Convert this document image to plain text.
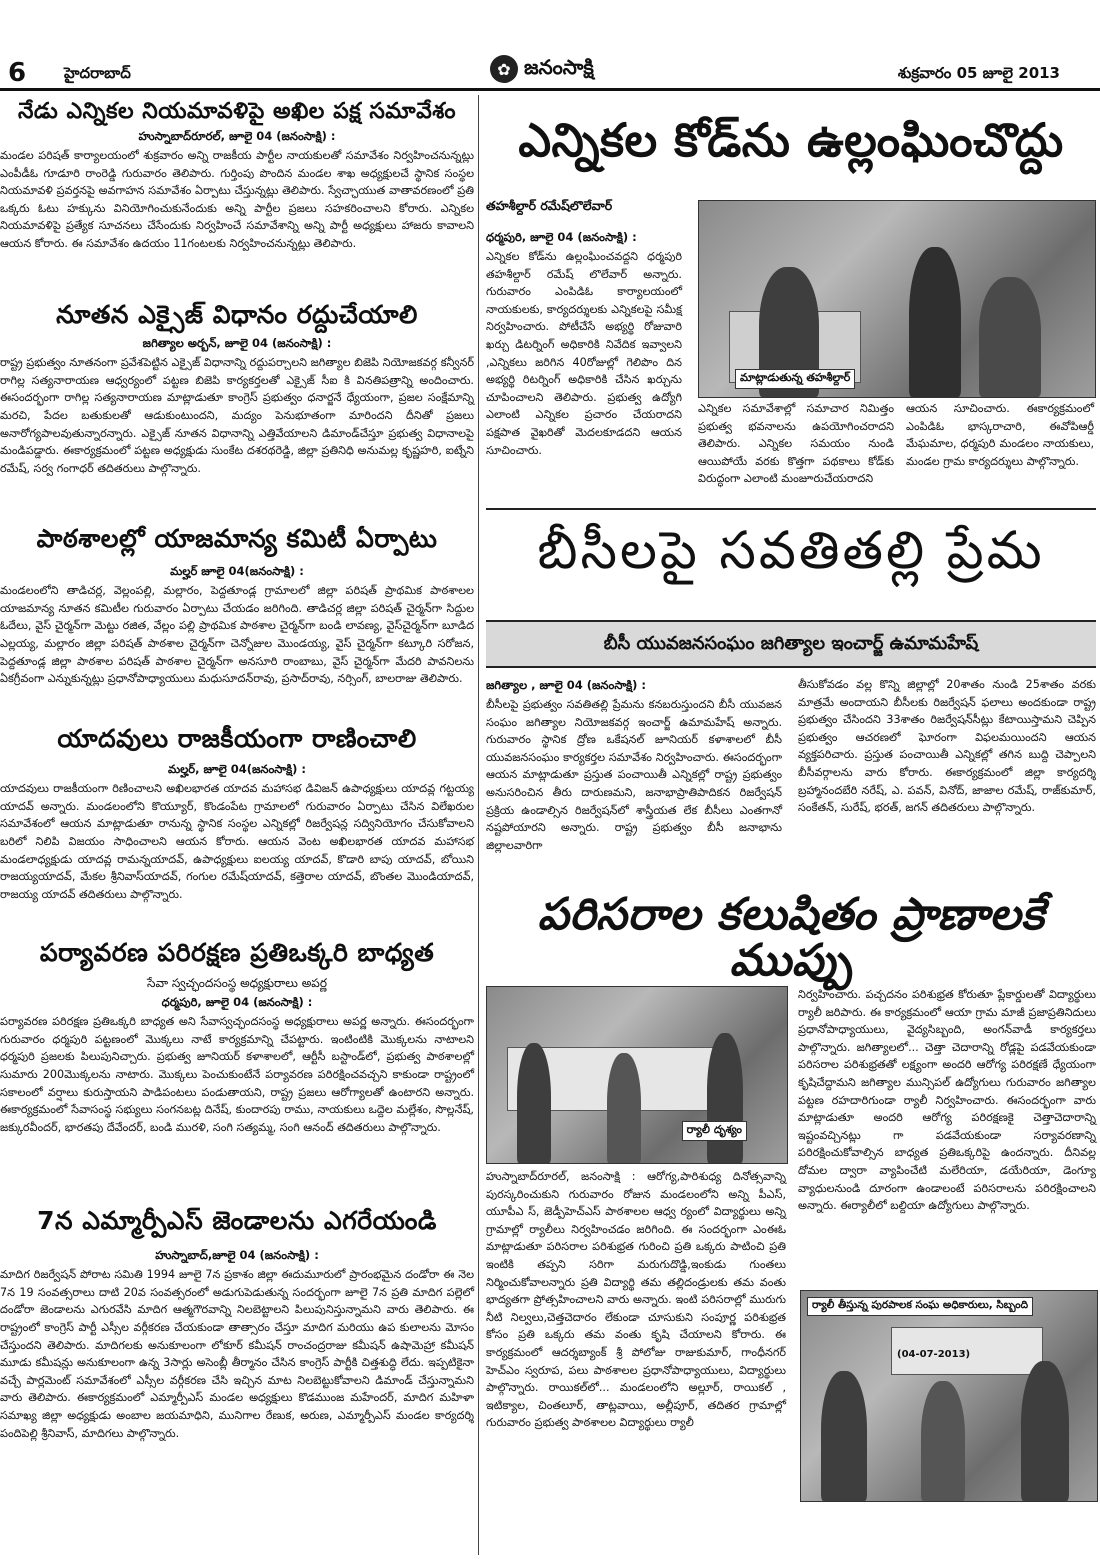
6	హైదరాబాద్	✿ జనంసాక్షి	శుక్రవారం 05 జూలై 2013
నేడు ఎన్నికల నియమావళిపై అఖిల పక్ష సమావేశం
హుస్నాబాద్‌రూరల్‌, జూలై 04 (జనంసాక్షి) :

మండల పరిషత్‌ కార్యాలయంలో శుక్రవారం అన్ని రాజకీయ పార్టీల నాయకులతో సమావేశం నిర్వహించనున్నట్లు ఎంపీడీఓ గూడూరి రాంరెడ్డి గురువారం తెలిపారు. గుర్తింపు పొందిన మండల శాఖ అధ్యక్షులచే స్థానిక సంస్థల నియమావళి ప్రవర్తనపై అవగాహన సమావేశం ఏర్పాటు చేస్తున్నట్లు తెలిపారు. స్వేచ్ఛాయుత వాతావరణంలో ప్రతి ఒక్కరు ఓటు హక్కును వినియోగించుకునేందుకు అన్ని పార్టీల ప్రజలు సహకరించాలని కోరారు. ఎన్నికల నియమావళిపై ప్రత్యేక సూచనలు చేసేందుకు నిర్వహించే సమావేశాన్ని అన్ని పార్టీ అధ్యక్షులు హాజరు కావాలని ఆయన కోరారు. ఈ సమావేశం ఉదయం 11గంటలకు నిర్వహించనున్నట్లు తెలిపారు.

నూతన ఎక్సైజ్‌ విధానం రద్దుచేయాలి
జగిత్యాల అర్బన్‌, జూలై 04 (జనంసాక్షి) :

రాష్ట్ర ప్రభుత్వం నూతనంగా ప్రవేశపెట్టిన ఎక్సైజ్‌ విధానాన్ని రద్దుపర్చాలని జగిత్యాల బిజెపి నియోజకవర్గ కన్వీనర్‌ రాగిల్ల సత్యనారాయణ ఆధ్వర్యంలో పట్టణ బిజెపి కార్యకర్తలతో ఎక్సైజ్‌ సీఐ కి వినతిపత్రాన్ని అందించారు. ఈసందర్భంగా రాగిల్ల సత్యనారాయణ మాట్లాడుతూ కాంగ్రెస్‌ ప్రభుత్వం ధనార్జనే ధ్యేయంగా, ప్రజల సంక్షేమాన్ని మరచి, పేదల బతుకులతో ఆడుకుంటుందని, మద్యం పెనుభూతంగా మారిందని దీనితో ప్రజలు అనారోగ్యపాలవుతున్నారన్నారు. ఎక్సైజ్‌ నూతన విధానాన్ని ఎత్తివేయాలని డిమాండ్‌చేస్తూ ప్రభుత్వ విధానాలపై మండిపడ్డారు. ఈకార్యక్రమంలో పట్టణ అధ్యక్షుడు సుంకేట దశరథరెడ్డి, జిల్లా ప్రతినిధి అనుమల్ల కృష్ణహరి, ఐట్నేని రమేష్‌, సర్వ గంగాధర్‌ తదితరులు పాల్గొన్నారు.

పాఠశాలల్లో యాజమాన్య కమిటీ ఏర్పాటు
మల్హర్‌ జూలై 04(జనంసాక్షి) :

మండలంలోని తాడిచర్ల, వెల్లంపల్లి, మల్లారం, పెద్దతూండ్ల గ్రామాలలో జిల్లా పరిషత్‌ ప్రాథమిక పాఠశాలల యాజమాన్య నూతన కమిటీల గురువారం ఏర్పాటు చేయడం జరిగింది. తాడిచర్ల జిల్లా పరిషత్‌ చైర్మన్‌గా సిద్దుల ఓదేలు, వైస్‌ చైర్మన్‌గా మెట్టు రజిత, వేల్లం పల్లి ప్రాథమిక పాఠశాల చైర్మన్‌గా బండి లావణ్య, వైస్‌చైర్మన్‌గా బూడిద ఎల్లయ్య, మల్లారం జిల్లా పరిషత్‌ పాఠశాల చైర్మన్‌గా చెన్నోజుల మొండయ్య, వైస్‌ చైర్మన్‌గా కట్కూరి సరోజన, పెద్దతూండ్ల జిల్లా పాఠశాల పరిషత్‌ పాఠశాల చైర్మన్‌గా అనసూరి రాంబాబు, వైస్‌ చైర్మన్‌గా మేదరి పావనిలను ఏకగ్రీవంగా ఎన్నుకున్నట్లు ప్రధానోపాధ్యాయులు మధుసూదన్‌రావు, ప్రసాద్‌రావు, నర్సింగ్‌, బాలరాజు తెలిపారు.

యాదవులు రాజకీయంగా రాణించాలి
మల్హర్‌, జూలై 04(జనంసాక్షి) :

యాదవులు రాజకీయంగా రిణించాలని అఖిలభారత యాదవ మహాసభ డివిజన్‌ ఉపాధ్యక్షులు యాదవ్ల గట్టయ్య యాదవ్‌ అన్నారు. మండలంలోని కొయ్యూర్‌, కొండంపేట గ్రామాలలో గురువారం ఏర్పాటు చేసిన విలేఖరుల సమావేశంలో ఆయన మాట్లాడుతూ రానున్న స్థానిక సంస్థల ఎన్నికల్లో రిజర్వేషన్ల సద్వినియోగం చేసుకోవాలని బరిలో నిలిపి విజయం సాధించాలని ఆయన కోరారు. ఆయన వెంట అఖిలభారత యాదవ మహాసభ మండలాధ్యక్షుడు యాదవ్ల రామన్నయాదవ్‌, ఉపాధ్యక్షులు ఐలయ్య యాదవ్‌, కొడారి బాపు యాదవ్‌, బోయిని రాజయ్యయాదవ్‌, మేకల శ్రీనివాస్‌యాదవ్‌, గంగుల రమేష్‌యాదవ్‌, కత్తెరాల యాదవ్‌, బొంతల మొండియాదవ్‌, రాజయ్య యాదవ్‌ తదితరులు పాల్గొన్నారు.

పర్యావరణ పరిరక్షణ ప్రతిఒక్కరి బాధ్యత
సేవా స్వచ్ఛందసంస్థ అధ్యక్షురాలు అపర్ణ
ధర్మపురి, జూలై 04 (జనంసాక్షి) :

పర్యావరణ పరిరక్షణ ప్రతిఒక్కరి బాధ్యత అని సేవాస్వచ్ఛందసంస్థ అధ్యక్షురాలు అపర్ణ అన్నారు. ఈసందర్భంగా గురువారం ధర్మపురి పట్టణంలో మొక్కలు నాటే కార్యక్రమాన్ని చేపట్టారు. ఇంటింటికి మొక్కలను నాటాలని ధర్మపురి ప్రజలకు పిలుపునిచ్చారు. ప్రభుత్వ జూనియర్‌ కళాశాలలో, ఆర్టీసీ బస్టాండ్‌లో, ప్రభుత్వ పాఠశాలల్లో సుమారు 200మొక్కలను నాటారు. మొక్కలు పెంచుకుంటేనే పర్యావరణ పరిరక్షించవచ్చని కాకుండా రాష్ట్రంలో సకాలంలో వర్షాలు కురుస్తాయని పాడిపంటలు పండుతాయని, రాష్ట్ర ప్రజలు ఆరోగ్యాలతో ఉంటారని అన్నారు. ఈకార్యక్రమంలో సేవాసంస్థ సభ్యులు సంగనబట్ల దినేష్‌, కుందారపు రాము, నాయకులు ఒద్దెల మల్లేశం, సొల్లనేష్‌, జక్కురవీందర్‌, భారతపు దేవేందర్‌, బండి మురళి, సంగి సత్యమ్మ, సంగి ఆనంద్‌ తదితరులు పాల్గొన్నారు.

7న ఎమ్మార్పీఎస్‌ జెండాలను ఎగరేయండి
హుస్నాబాద్‌,జూలై 04 (జనంసాక్షి) :

మాదిగ రిజర్వేషన్‌ పోరాట సమితి 1994 జూలై 7న ప్రకాశం జిల్లా ఈదుమూరులో ప్రారంభమైన దండోరా ఈ నెల 7న 19 సంవత్సరాలు దాటి 20వ సంవత్సరంలో అడుగుపెడుతున్న సందర్భంగా జూలై 7న ప్రతి మాదిగ పల్లెలో దండోరా జెండాలను ఎగురవేసి మాదిగ ఆత్మగౌరవాన్ని నిలబెట్టాలని పిలుపునిస్తున్నామని వారు తెలిపారు. ఈ రాష్ట్రంలో కాంగ్రెస్‌ పార్టీ ఎస్సీల వర్గీకరణ చేయకుండా తాత్సారం చేస్తూ మాదిగ మరియు ఉప కులాలను మోసం చేస్తుందని తెలిపారు. మాదిగలకు అనుకూలంగా లోకూర్‌ కమీషన్‌ రాంచంద్రరాజు కమీషన్‌ ఉషామెహ్రా కమీషన్‌ మూడు కమీషన్లు అనుకూలంగా ఉన్న 3సార్లు అసెంబ్లీ తీర్మానం చేసిన కాంగ్రెస్‌ పార్టీకి చిత్తశుద్ధి లేదు. ఇప్పటికైనా వచ్చే పార్లమెంట్‌ సమావేశంలో ఎస్సీల వర్గీకరణ చేసి ఇచ్చిన మాట నిలబెట్టుకోవాలని డిమాండ్‌ చేస్తున్నామని వారు తెలిపారు. ఈకార్యక్రమంలో ఎమ్మార్పీఎస్‌ మండల అధ్యక్షులు కొడముంజ మహేందర్‌, మాదిగ మహిళా సమాఖ్య జిల్లా అధ్యక్షుడు అంబాల జయమాధిని, మునిగాల రేణుక, అరుణ, ఎమ్మార్పీఎస్‌ మండల కార్యదర్శి పందిపెల్లి శ్రీనివాస్‌, మాదిగలు పాల్గొన్నారు.

ఎన్నికల కోడ్‌ను ఉల్లంఘించొద్దు
తహశీల్దార్‌ రమేష్‌లొలేవార్‌
ధర్మపురి, జూలై 04 (జనంసాక్షి) :

ఎన్నికల కోడ్‌ను ఉల్లంఘించవద్దని ధర్మపురి తహశీల్దార్‌ రమేష్‌ లొలేవార్‌ అన్నారు. గురువారం ఎంపిడిఓ కార్యాలయంలో నాయకులకు, కార్యదర్శులకు ఎన్నికలపై సమీక్ష నిర్వహించారు. పోటీచేసే అభ్యర్థి రోజువారి ఖర్చు డిటర్నింగ్‌ అధికారికి నివేదిక ఇవ్వాలని ,ఎన్నికలు జరిగిన 40రోజుల్లో గెలిపొం దిన అభ్యర్థి రిటర్నింగ్‌ అధికారికి చేసిన ఖర్చును చూపించాలని తెలిపారు. ప్రభుత్వ ఉద్యోగి ఎలాంటి ఎన్నికల ప్రచారం చేయరాదని పక్షపాత వైఖరితో మెదలకూడదని ఆయన సూచించారు.

మాట్లాడుతున్న తహశీల్దార్‌

ఎన్నికల సమావేశాల్లో సమాచార నిమిత్తం ప్రభుత్వ భవనాలను ఉపయోగించరాదని తెలిపారు. ఎన్నికల సమయం నుండి ఆయిపోయే వరకు కొత్తగా పథకాలు కోడ్‌కు విరుద్ధంగా ఎలాంటి మంజూరుచేయరాదని

ఆయన సూచించారు. ఈకార్యక్రమంలో ఎంపిడిఓ భాస్కరాచారి, ఈవోపిఆర్డీ మేఘమాల, ధర్మపురి మండలం నాయకులు, మండల గ్రామ కార్యదర్శులు పాల్గొన్నారు.

బీసీలపై సవతితల్లి ప్రేమ
బీసీ యువజనసంఘం జగిత్యాల ఇంచార్జ్‌ ఉమామహేష్‌
జగిత్యాల , జూలై 04 (జనంసాక్షి) :

బీసీలపై ప్రభుత్వం సవతితల్లి ప్రేమను కనబరుస్తుందని బీసీ యువజన సంఘం జగిత్యాల నియోజకవర్గ ఇంచార్జ్‌ ఉమామహేష్‌ అన్నారు. గురువారం స్థానిక ద్రోణ ఒకేషనల్‌ జూనియర్‌ కళాశాలలో బీసీ యువజనసంఘం కార్యకర్తల సమావేశం నిర్వహించారు. ఈసందర్భంగా ఆయన మాట్లాడుతూ ప్రస్తుత పంచాయితీ ఎన్నికల్లో రాష్ట్ర ప్రభుత్వం అనుసరించిన తీరు దారుణమని, జనాభాప్రాతిపాదికన రిజర్వేషన్‌ ప్రక్రియ ఉండాల్సిన రిజర్వేషన్‌లో శాస్త్రీయత లేక బీసీలు ఎంతగానో నష్టపోయారని అన్నారు. రాష్ట్ర ప్రభుత్వం బీసీ జనాభాను జిల్లాలవారిగా

తీసుకోవడం వల్ల కొన్ని జిల్లాల్లో 20శాతం నుండి 25శాతం వరకు మాత్రమే అందాయని బీసీలకు రిజర్వేషన్‌ ఫలాలు అందకుండా రాష్ట్ర ప్రభుత్వం చేసిందని 33శాతం రిజర్వేషన్‌సీట్లు కేటాయిస్తామని చెప్పిన ప్రభుత్వం ఆచరణలో ఘోరంగా విఫలమయిందని ఆయన వ్యక్తపరిచారు. ప్రస్తుత పంచాయితీ ఎన్నికల్లో తగిన బుద్ది చెప్పాలని బీసీవర్గాలను వారు కోరారు. ఈకార్యక్రమంలో జిల్లా కార్యదర్శి బ్రహ్మానందబేరి నరేష్‌, ఎ. పవన్‌, వినోద్‌, జాజాల రమేష్‌, రాజ్‌కుమార్‌, సంకేతన్‌, సురేష్‌, భరత్‌, జగన్‌ తదితరులు పాల్గొన్నారు.

పరిసరాల కలుషితం ప్రాణాలకే ముప్పు
ర్యాలీ దృశ్యం

హుస్నాబాద్‌రూరల్‌, జనంసాక్షి : ఆరోగ్య,పారిశుధ్య దినోత్సవాన్ని పురస్కరించుకుని గురువారం రోజున మండలంలోని అన్ని పీఎస్‌, యూపీఎ స్‌, జెడ్పీహెచ్‌ఎస్‌ పాఠశాలల ఆధ్వ ర్యంలో విద్యార్థులు అన్ని గ్రామాల్లో ర్యాలీలు నిర్వహించడం జరిగింది. ఈ సందర్భంగా ఎంఈఓ మాట్లాడుతూ పరిసరాల పరిశుభ్రత గురించి ప్రతి ఒక్కరు పాటించి ప్రతి ఇంటికి తప్పని సరిగా మరుగుదొడ్డి,ఇంకుడు గుంతలు నిర్మించుకోవాలన్నారు ప్రతి విద్యార్థి తమ తల్లిదండ్రులకు తమ వంతు భాద్యతగా ప్రోత్సహించాలని వారు అన్నారు. ఇంటి పరిసరాల్లో మురుగు నీటి నిల్వలు,చెత్తచెదారం లేకుండా చూసుకుని సంపూర్ణ పరిశుభ్రత కోసం ప్రతి ఒక్కరు తమ వంతు కృషి చేయాలని కోరారు. ఈ కార్యక్రమంలో ఆదర్శబ్యాంక్‌ శ్రీ పోలోజు రాజుకుమార్‌, గాంధీనగర్‌ హెచ్‌ఎం స్వరూప, పలు పాఠశాలల ప్రధానోపాధ్యాయులు, విద్యార్థులు పాల్గొన్నారు. రాయికల్‌లో... మండలంలోని అల్లూర్‌, రాయికల్‌ , ఇటిక్యాల, చింతలూర్‌, తాట్లవాయి, అల్లీపూర్‌, తదితర గ్రామాల్లో గురువారం ప్రభుత్వ పాఠశాలల విద్యార్థులు ర్యాలీ

నిర్వహించారు. పచ్చదనం పరిశుభ్రత కోరుతూ ప్లేకార్డులతో విద్యార్థులు ర్యాలీ జరిపారు. ఈ కార్యక్రమంలో ఆయా గ్రామ మాజీ ప్రజాప్రతినిదులు ప్రధానోపాధ్యాయులు, వైద్యసిబ్బంది, అంగన్‌వాడీ కార్యకర్తలు పాల్గొన్నారు. జగిత్యాలలో... చెత్తా చెదారాన్ని రోడ్లపై పడవేయకుండా పరిసరాల పరిశుభ్రతతో లక్ష్యంగా అందరి ఆరోగ్య పరిరక్షణే ధ్యేయంగా కృషిచేద్దామని జగిత్యాల మున్సిపల్‌ ఉద్యోగులు గురువారం జగిత్యాల పట్టణ రహదారిగుండా ర్యాలీ నిర్వహించారు. ఈసందర్భంగా వారు మాట్లాడుతూ అందరి ఆరోగ్య పరిరక్షణకై చెత్తాచెదారాన్ని ఇష్టంవచ్చినట్లు గా పడవేయకుండా సర్యావరణాన్ని పరిరక్షించుకోవాల్సిన బాధ్యత ప్రతిఒక్కరిపై ఉందన్నారు. దీనివల్ల దోమల ద్వారా వ్యాపించేటి మలేరియా, డయేరియా, డెంగ్యూ వ్యాధులనుండి దూరంగా ఉండాలంటే పరిసరాలను పరిరక్షించాలని అన్నారు. ఈర్యాలీలో బల్దియా ఉద్యోగులు పాల్గొన్నారు.

(04-07-2013)
ర్యాలీ తీస్తున్న పురపాలక సంఘ అధికారులు, సిబ్బంది
